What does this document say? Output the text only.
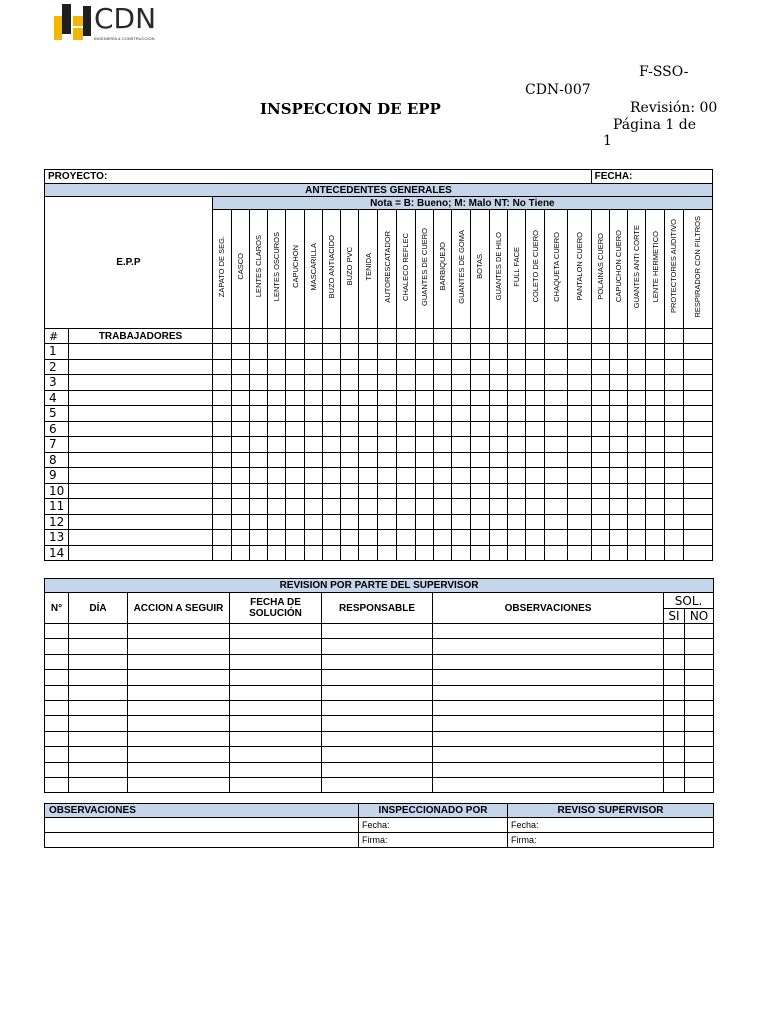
CDN
INGENIERÍA & CONSTRUCCIÓN
F-SSO-
CDN-007
INSPECCION DE EPP	Revisión: 00
Página 1 de
1
PROYECTO:																						FECHA:					
ANTECEDENTES GENERALES																											
E.P.P		Nota = B: Bueno; M: Malo NT: No Tiene																									
		ZAPATO DE SEG.	CASCO	LENTES CLAROS	LENTES OSCUROS	CAPUCHON	MASCARILLA	BUZO ANTIACIDO	BUZO PVC	TENIDA	AUTORESCATADOR	CHALECO REFLEC	GUANTES DE CUERO	BARBIQUEJO	GUANTES DE GOMA	BOTAS	GUANTES DE HILO	FULL FACE	COLETO DE CUERO	CHAQUETA CUERO	PANTALON CUERO	POLAINAS CUERO	CAPUCHON CUERO	GUANTES ANTI CORTE	LENTE HERMETICO	PROTECTORES AUDITIVO	RESPIRADOR CON FILTROS
#	TRABAJADORES																										
1																											
2																											
3																											
4																											
5																											
6																											
7																											
8																											
9																											
10																											
11																											
12																											
13																											
14																											
REVISION POR PARTE DEL SUPERVISOR							
N°	DÍA	ACCION A SEGUIR	FECHA DE SOLUCIÓN	RESPONSABLE	OBSERVACIONES	SOL.	
						SI	NO

OBSERVACIONES	INSPECCIONADO POR	REVISO SUPERVISOR
	Fecha:	Fecha:
	Firma:	Firma:
